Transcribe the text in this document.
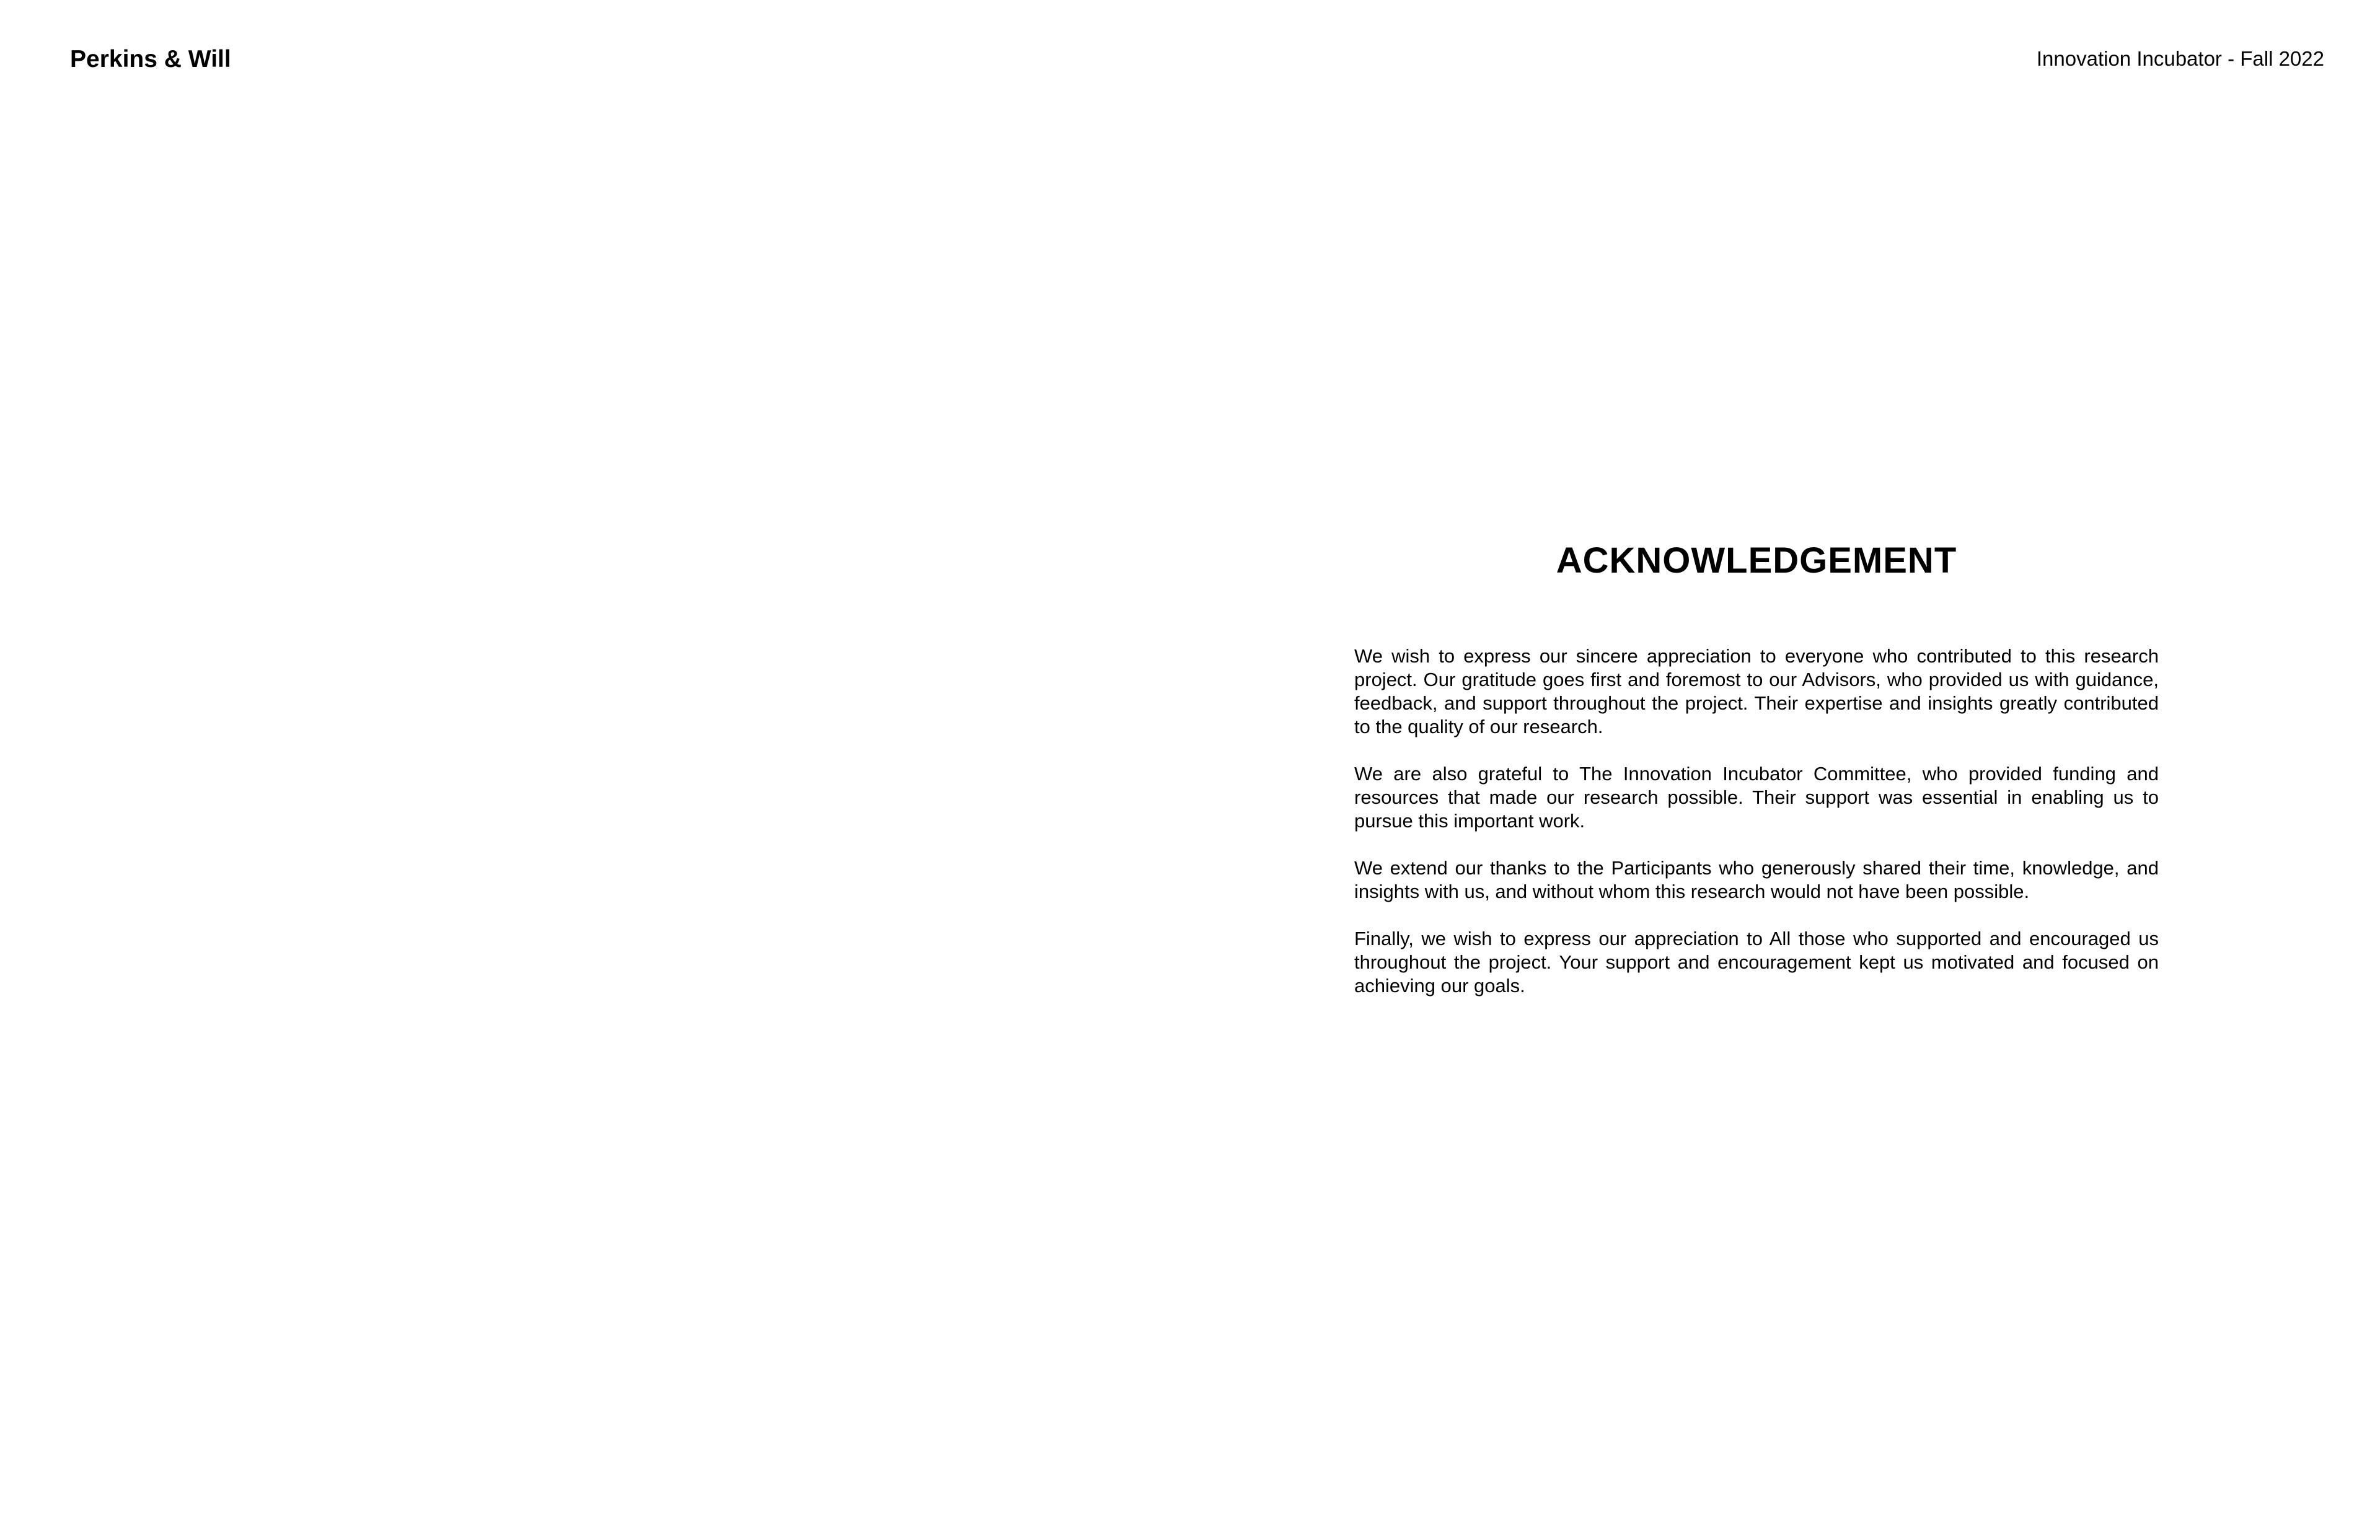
Perkins & Will	Innovation Incubator - Fall 2022
ACKNOWLEDGEMENT

We wish to express our sincere appreciation to everyone who contributed to this research project. Our gratitude goes first and foremost to our Advisors, who provided us with guidance, feedback, and support throughout the project. Their expertise and insights greatly contributed to the quality of our research.

We are also grateful to The Innovation Incubator Committee, who provided funding and resources that made our research possible. Their support was essential in enabling us to pursue this important work.

We extend our thanks to the Participants who generously shared their time, knowledge, and insights with us, and without whom this research would not have been possible.

Finally, we wish to express our appreciation to All those who supported and encouraged us throughout the project. Your support and encouragement kept us motivated and focused on achieving our goals.
